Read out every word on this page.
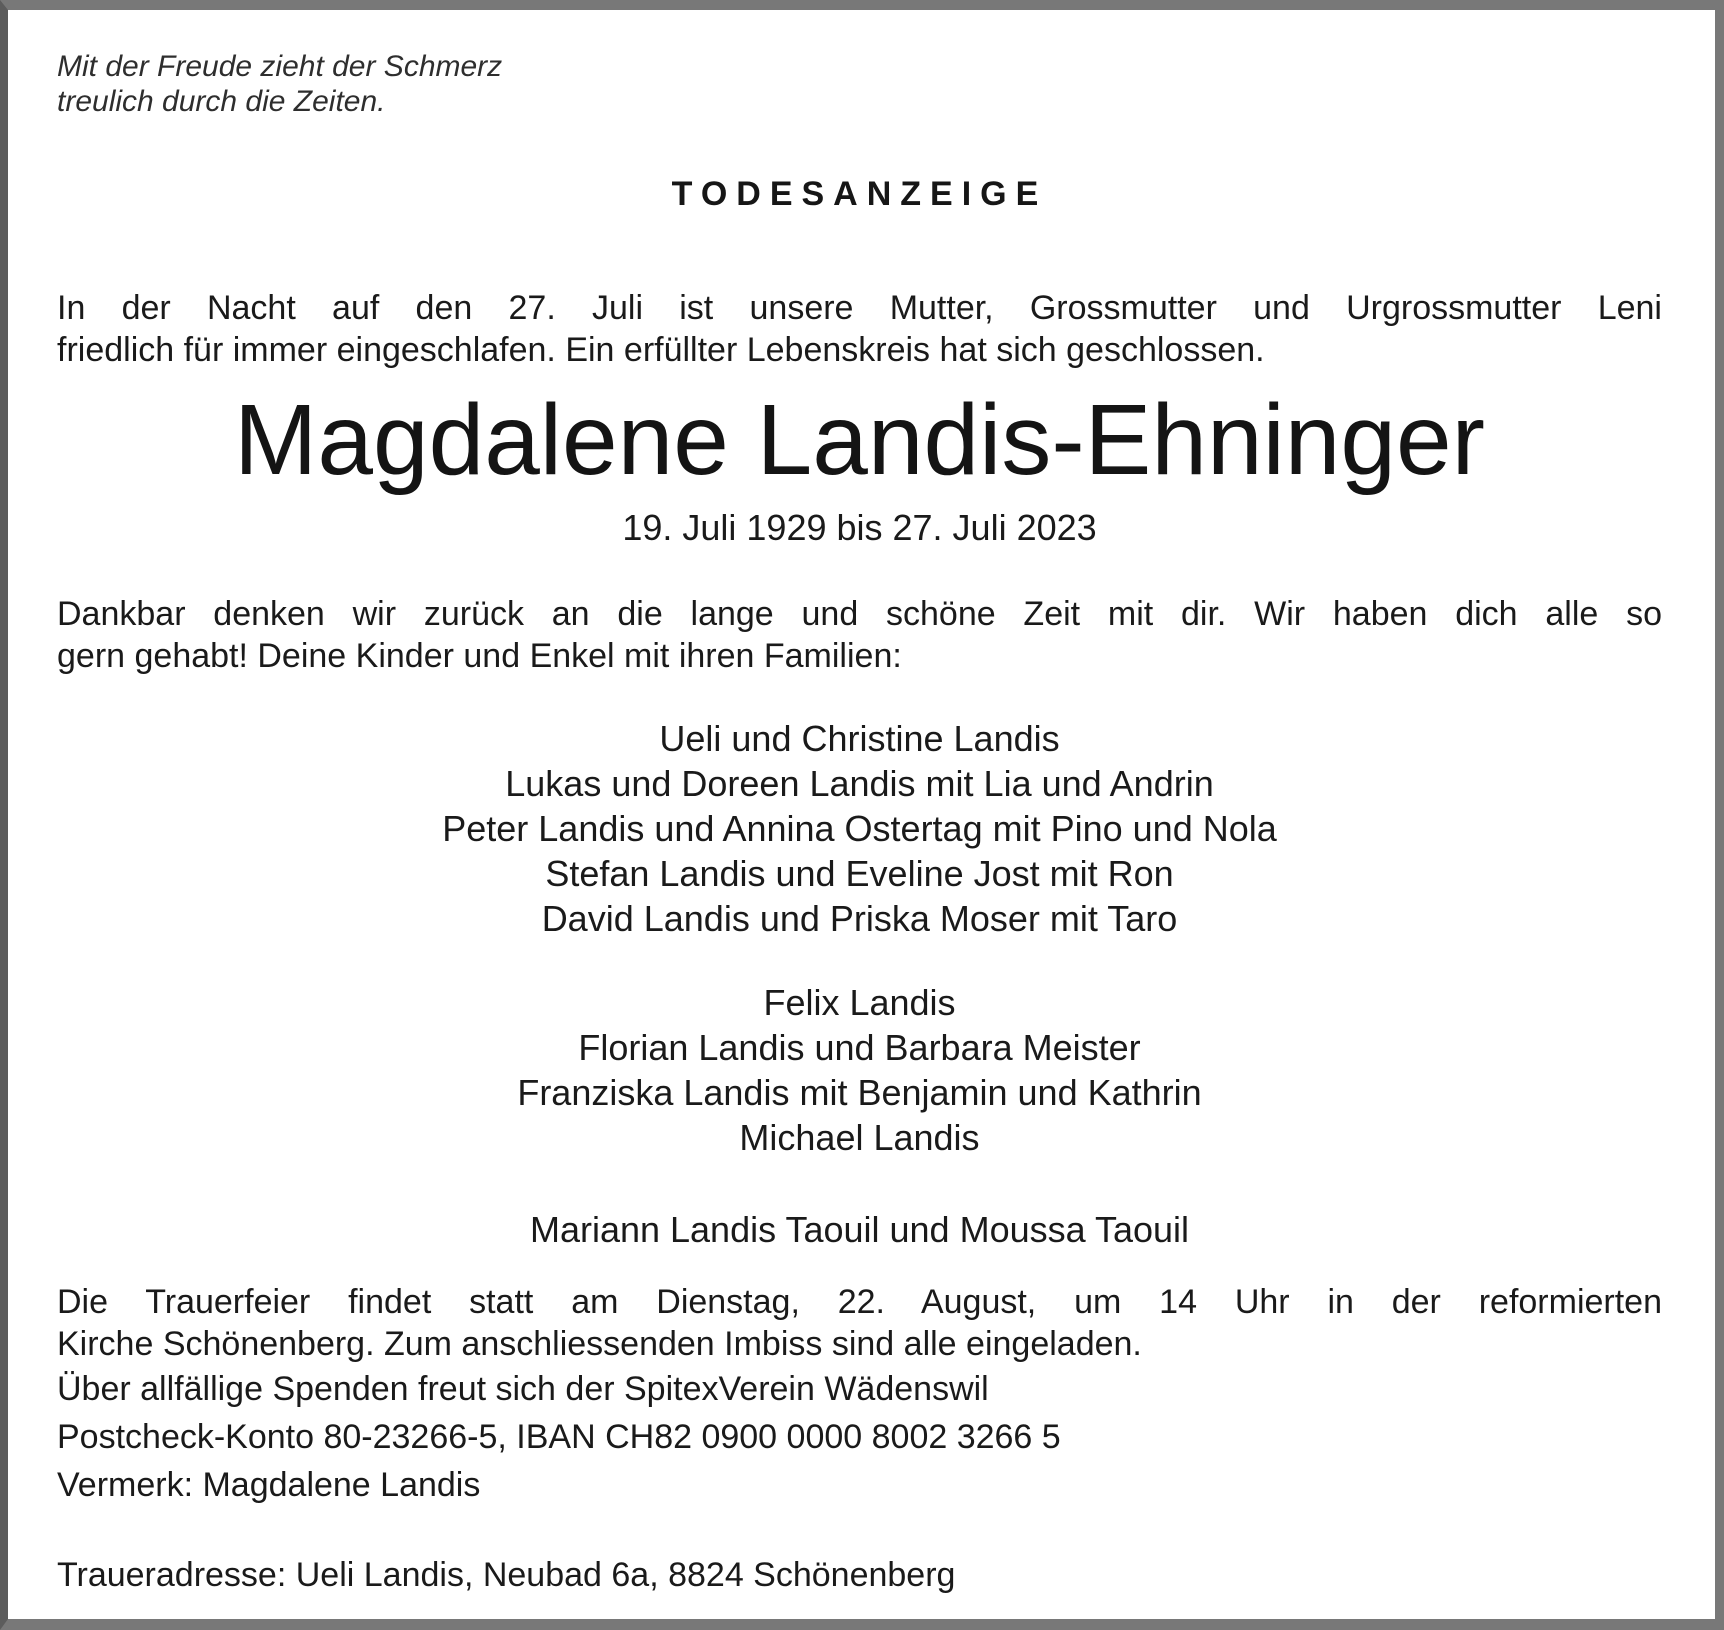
Mit der Freude zieht der Schmerz
treulich durch die Zeiten.
TODESANZEIGE
In der Nacht auf den 27. Juli ist unsere Mutter, Grossmutter und Urgrossmutter Leni
friedlich für immer eingeschlafen. Ein erfüllter Lebenskreis hat sich geschlossen.
Magdalene Landis-Ehninger
19. Juli 1929 bis 27. Juli 2023
Dankbar denken wir zurück an die lange und schöne Zeit mit dir. Wir haben dich alle so
gern gehabt! Deine Kinder und Enkel mit ihren Familien:
Ueli und Christine Landis
Lukas und Doreen Landis mit Lia und Andrin
Peter Landis und Annina Ostertag mit Pino und Nola
Stefan Landis und Eveline Jost mit Ron
David Landis und Priska Moser mit Taro
Felix Landis
Florian Landis und Barbara Meister
Franziska Landis mit Benjamin und Kathrin
Michael Landis
Mariann Landis Taouil und Moussa Taouil
Die Trauerfeier findet statt am Dienstag, 22. August, um 14 Uhr in der reformierten
Kirche Schönenberg. Zum anschliessenden Imbiss sind alle eingeladen.
Über allfällige Spenden freut sich der SpitexVerein Wädenswil
Postcheck-Konto 80-23266-5, IBAN CH82 0900 0000 8002 3266 5
Vermerk: Magdalene Landis
Traueradresse: Ueli Landis, Neubad 6a, 8824 Schönenberg
